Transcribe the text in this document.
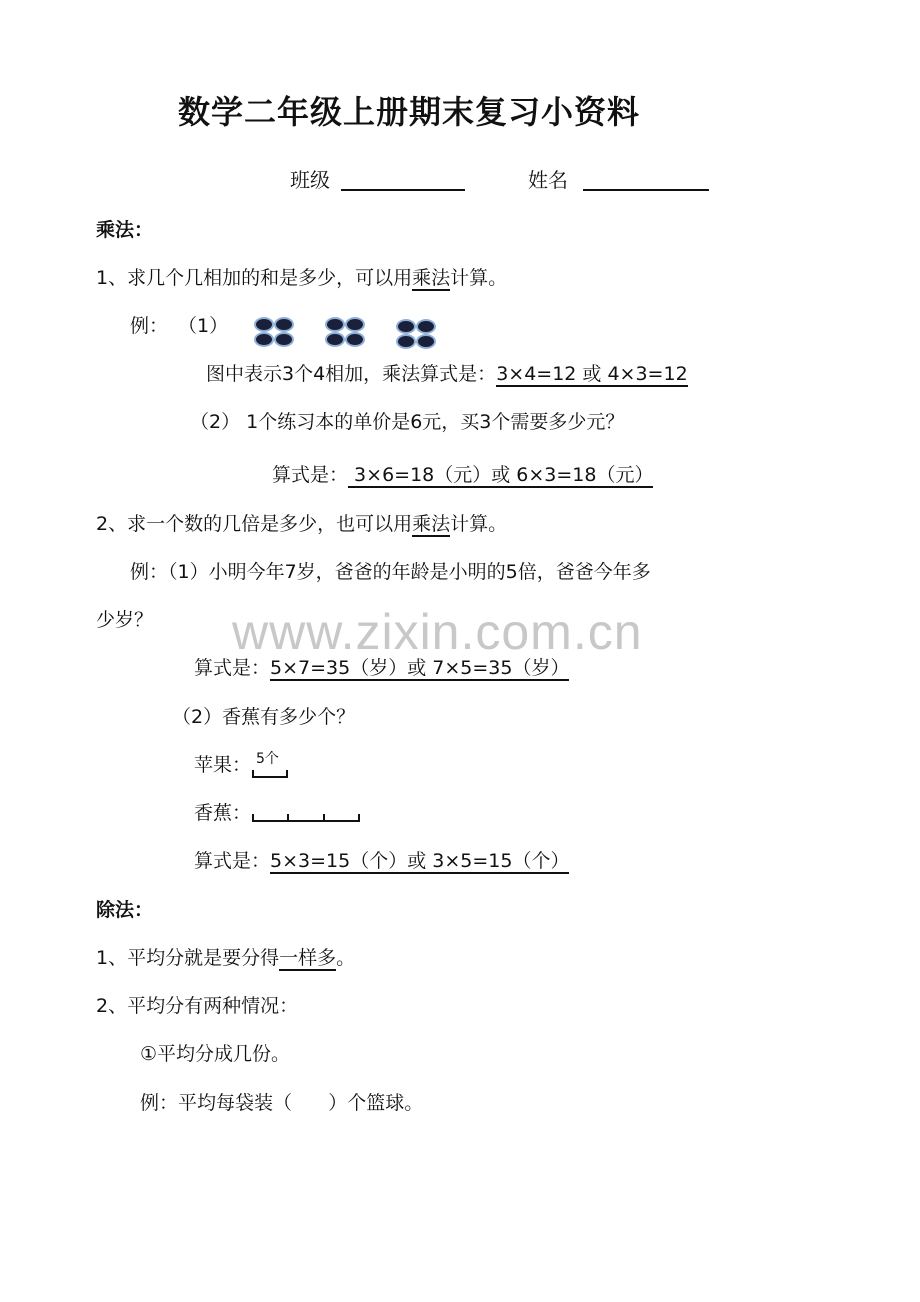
数学二年级上册期末复习小资料
班级	姓名
乘法：
1、求几个几相加的和是多少，可以用乘法计算。
例： （1）
图中表示3个4相加，乘法算式是：3×4=12 或 4×3=12
（2） 1个练习本的单价是6元，买3个需要多少元？
算式是： 3×6=18（元）或 6×3=18（元）
2、求一个数的几倍是多少，也可以用乘法计算。
例：（1）小明今年7岁，爸爸的年龄是小明的5倍，爸爸今年多
少岁？ www.zixin.com.cn
算式是：5×7=35（岁）或 7×5=35（岁）
（2）香蕉有多少个？
苹果： 5个
香蕉：
算式是：5×3=15（个）或 3×5=15（个）
除法：
1、平均分就是要分得一样多。
2、平均分有两种情况：
①平均分成几份。
例：平均每袋装（      ）个篮球。
